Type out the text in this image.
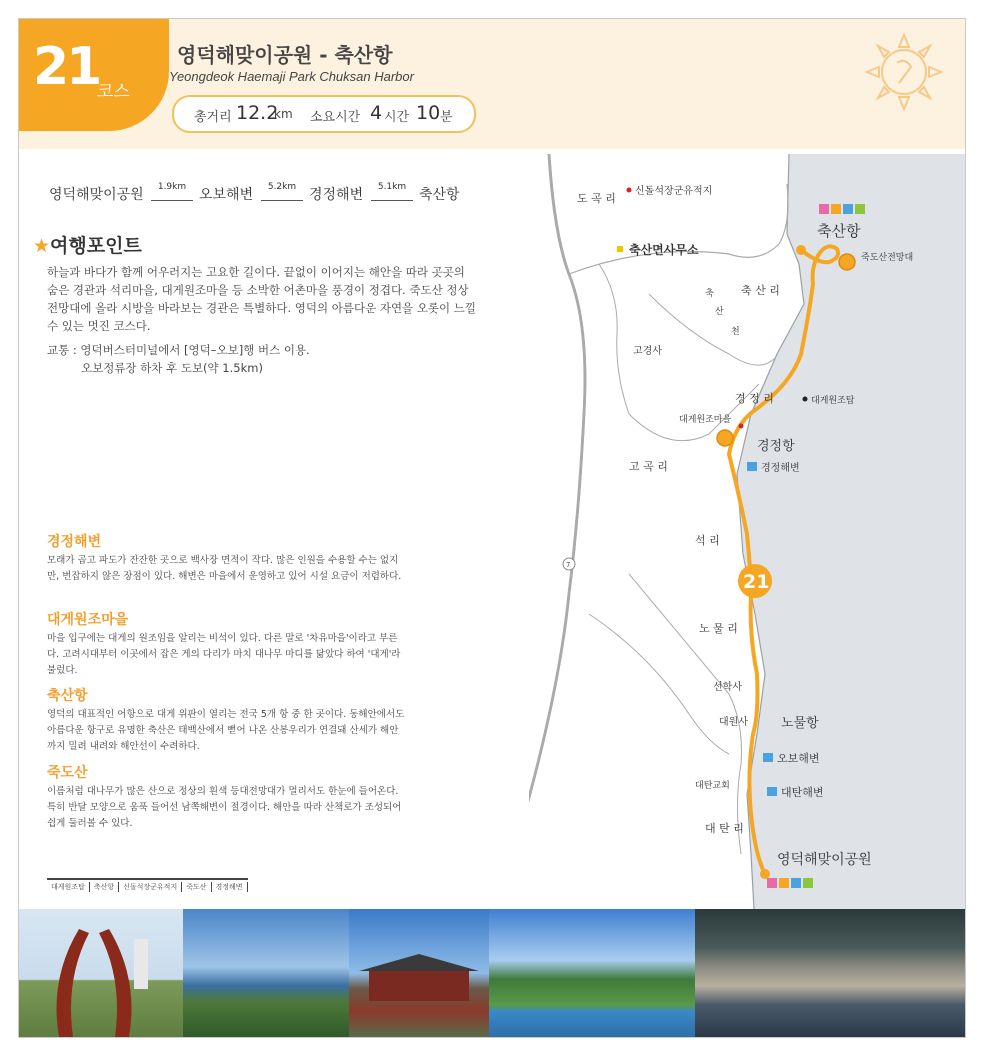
21
코스
영덕해맞이공원 - 축산항
Yeongdeok Haemaji Park Chuksan Harbor
총거리 12.2
km 소요시간 4 시간 10 분
영덕해맞이공원	1.9km 오보해변	5.2km 경정해변	5.1km 축산항
★여행포인트
하늘과 바다가 함께 어우러지는 고요한 길이다. 끝없이 이어지는 해안을 따라 곳곳의 숨은 경관과 석리마을, 대게원조마을 등 소박한 어촌마을 풍경이 정겹다. 죽도산 정상 전망대에 올라 시방을 바라보는 경관은 특별하다. 영덕의 아름다운 자연을 오롯이 느낄 수 있는 멋진 코스다.
교통 : 영덕버스터미널에서 [영덕–오보]행 버스 이용.
오보정류장 하차 후 도보(약 1.5km)
경정해변

모래가 곱고 파도가 잔잔한 곳으로 백사장 면적이 작다. 많은 인원을 수용할 수는 없지만, 번잡하지 않은 장점이 있다. 해변은 마을에서 운영하고 있어 시설 요금이 저렴하다.

대게원조마을

마을 입구에는 대게의 원조임을 알리는 비석이 있다. 다른 말로 '차유마을'이라고 부른다. 고려시대부터 이곳에서 잡은 게의 다리가 마치 대나무 마디를 닮았다 하여 '대게'라 불렀다.

축산항

영덕의 대표적인 어항으로 대게 위판이 열리는 전국 5개 항 중 한 곳이다. 동해안에서도 아름다운 항구로 유명한 축산은 태백산에서 뻗어 나온 산봉우리가 연결돼 산세가 해안까지 밀려 내려와 해안선이 수려하다.

죽도산

이름처럼 대나무가 많은 산으로 정상의 흰색 등대전망대가 멀리서도 한눈에 들어온다. 특히 반달 모양으로 움푹 들어선 남쪽해변이 절경이다. 해안을 따라 산책로가 조성되어 쉽게 둘러볼 수 있다.

대게원조탑	축산항	신돌석장군유적지	죽도산	경정해변
7
21
도 곡 리
신돌석장군유적지
축산항
축산면사무소
죽도산전망대
축 산 리
축
산
천
고경사
경 정 리	대게원조탑
대게원조마을
경정항
경정해변
고 곡 리
석 리
노 물 리
선학사
대원사	노물항
오보해변
대탄교회	대탄해변
대 탄 리
영덕해맞이공원
